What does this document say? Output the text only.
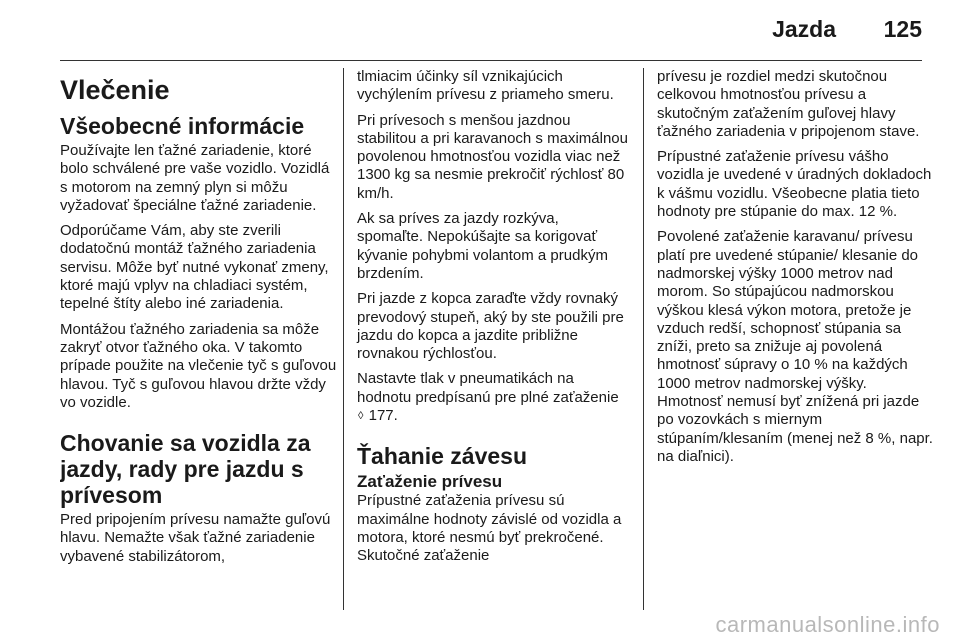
Jazda 125
Vlečenie
Všeobecné informácie

Používajte len ťažné zariadenie, ktoré bolo schválené pre vaše vozidlo. Vozidlá s motorom na zemný plyn si môžu vyžadovať špeciálne ťažné zariadenie.

Odporúčame Vám, aby ste zverili dodatočnú montáž ťažného zariadenia servisu. Môže byť nutné vykonať zmeny, ktoré majú vplyv na chladiaci systém, tepelné štíty alebo iné zariadenia.

Montážou ťažného zariadenia sa môže zakryť otvor ťažného oka. V takomto prípade použite na vlečenie tyč s guľovou hlavou. Tyč s guľovou hlavou držte vždy vo vozidle.

Chovanie sa vozidla za jazdy, rady pre jazdu s prívesom

Pred pripojením prívesu namažte guľovú hlavu. Nemažte však ťažné zariadenie vybavené stabilizátorom,

tlmiacim účinky síl vznikajúcich vychýlením prívesu z priameho smeru.

Pri prívesoch s menšou jazdnou stabilitou a pri karavanoch s maximálnou povolenou hmotnosťou vozidla viac než 1300 kg sa nesmie prekročiť rýchlosť 80 km/h.

Ak sa príves za jazdy rozkýva, spomaľte. Nepokúšajte sa korigovať kývanie pohybmi volantom a prudkým brzdením.

Pri jazde z kopca zaraďte vždy rovnaký prevodový stupeň, aký by ste použili pre jazdu do kopca a jazdite približne rovnakou rýchlosťou.

Nastavte tlak v pneumatikách na hodnotu predpísanú pre plné zaťaženie ◊ 177.

Ťahanie závesu
Zaťaženie prívesu

Prípustné zaťaženia prívesu sú maximálne hodnoty závislé od vozidla a motora, ktoré nesmú byť prekročené. Skutočné zaťaženie

prívesu je rozdiel medzi skutočnou celkovou hmotnosťou prívesu a skutočným zaťažením guľovej hlavy ťažného zariadenia v pripojenom stave.

Prípustné zaťaženie prívesu vášho vozidla je uvedené v úradných dokladoch k vášmu vozidlu. Všeobecne platia tieto hodnoty pre stúpanie do max. 12 %.

Povolené zaťaženie karavanu/ prívesu platí pre uvedené stúpanie/ klesanie do nadmorskej výšky 1000 metrov nad morom. So stúpajúcou nadmorskou výškou klesá výkon motora, pretože je vzduch redší, schopnosť stúpania sa zníži, preto sa znižuje aj povolená hmotnosť súpravy o 10 % na každých 1000 metrov nadmorskej výšky. Hmotnosť nemusí byť znížená pri jazde po vozovkách s miernym stúpaním/klesaním (menej než 8 %, napr. na diaľnici).

carmanualsonline.info
